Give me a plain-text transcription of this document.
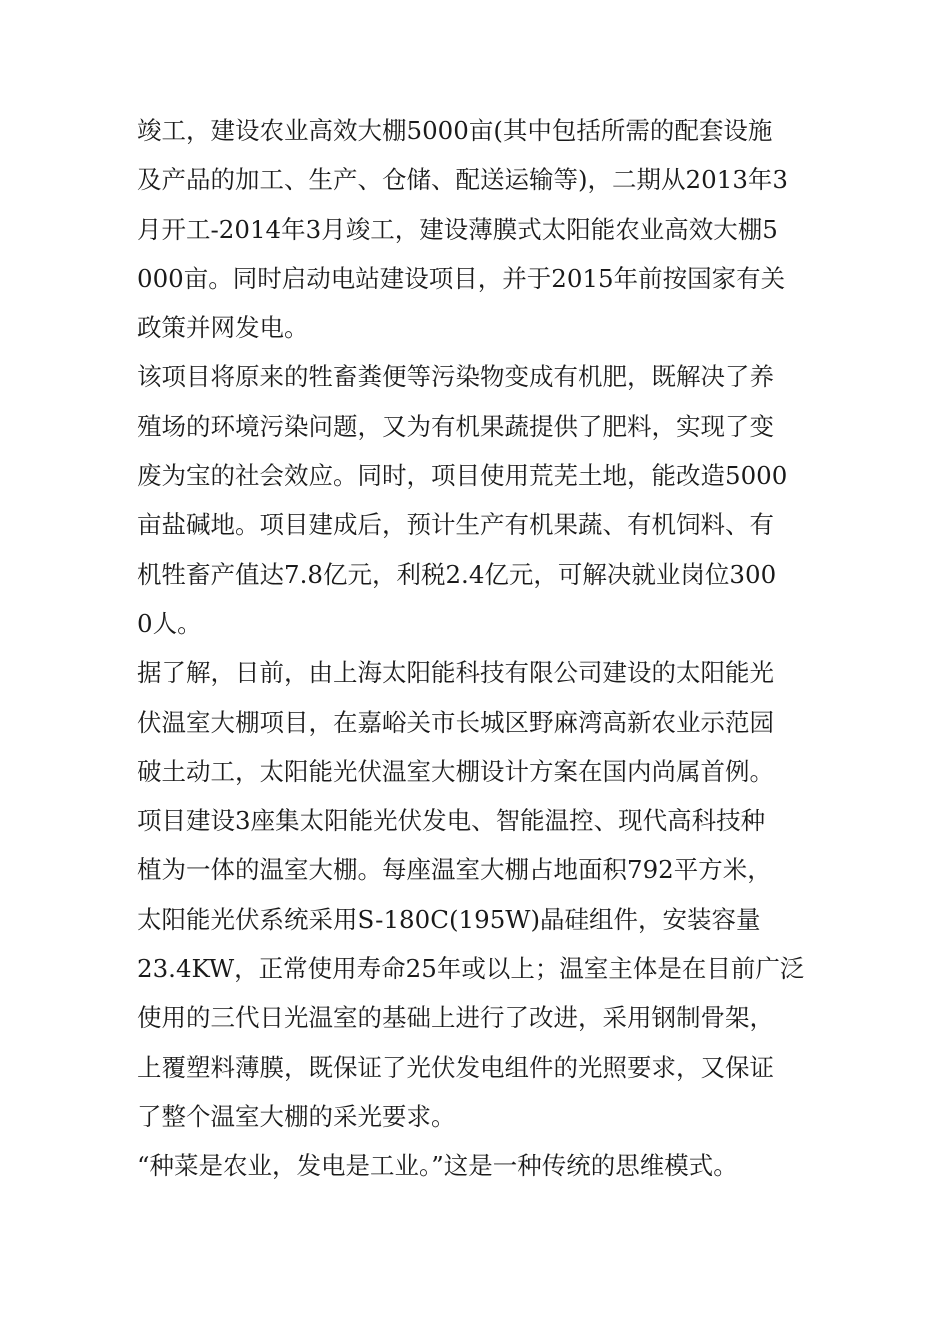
竣工，建设农业高效大棚5000亩(其中包括所需的配套设施
及产品的加工、生产、仓储、配送运输等)，二期从2013年3
月开工-2014年3月竣工，建设薄膜式太阳能农业高效大棚5
000亩。同时启动电站建设项目，并于2015年前按国家有关
政策并网发电。
该项目将原来的牲畜粪便等污染物变成有机肥，既解决了养
殖场的环境污染问题，又为有机果蔬提供了肥料，实现了变
废为宝的社会效应。同时，项目使用荒芜土地，能改造5000
亩盐碱地。项目建成后，预计生产有机果蔬、有机饲料、有
机牲畜产值达7.8亿元，利税2.4亿元，可解决就业岗位300
0人。
据了解，日前，由上海太阳能科技有限公司建设的太阳能光
伏温室大棚项目，在嘉峪关市长城区野麻湾高新农业示范园
破土动工，太阳能光伏温室大棚设计方案在国内尚属首例。
项目建设3座集太阳能光伏发电、智能温控、现代高科技种
植为一体的温室大棚。每座温室大棚占地面积792平方米，
太阳能光伏系统采用S-180C(195W)晶硅组件，安装容量
23.4KW，正常使用寿命25年或以上；温室主体是在目前广泛
使用的三代日光温室的基础上进行了改进，采用钢制骨架，
上覆塑料薄膜，既保证了光伏发电组件的光照要求，又保证
了整个温室大棚的采光要求。
“种菜是农业，发电是工业。”这是一种传统的思维模式。
